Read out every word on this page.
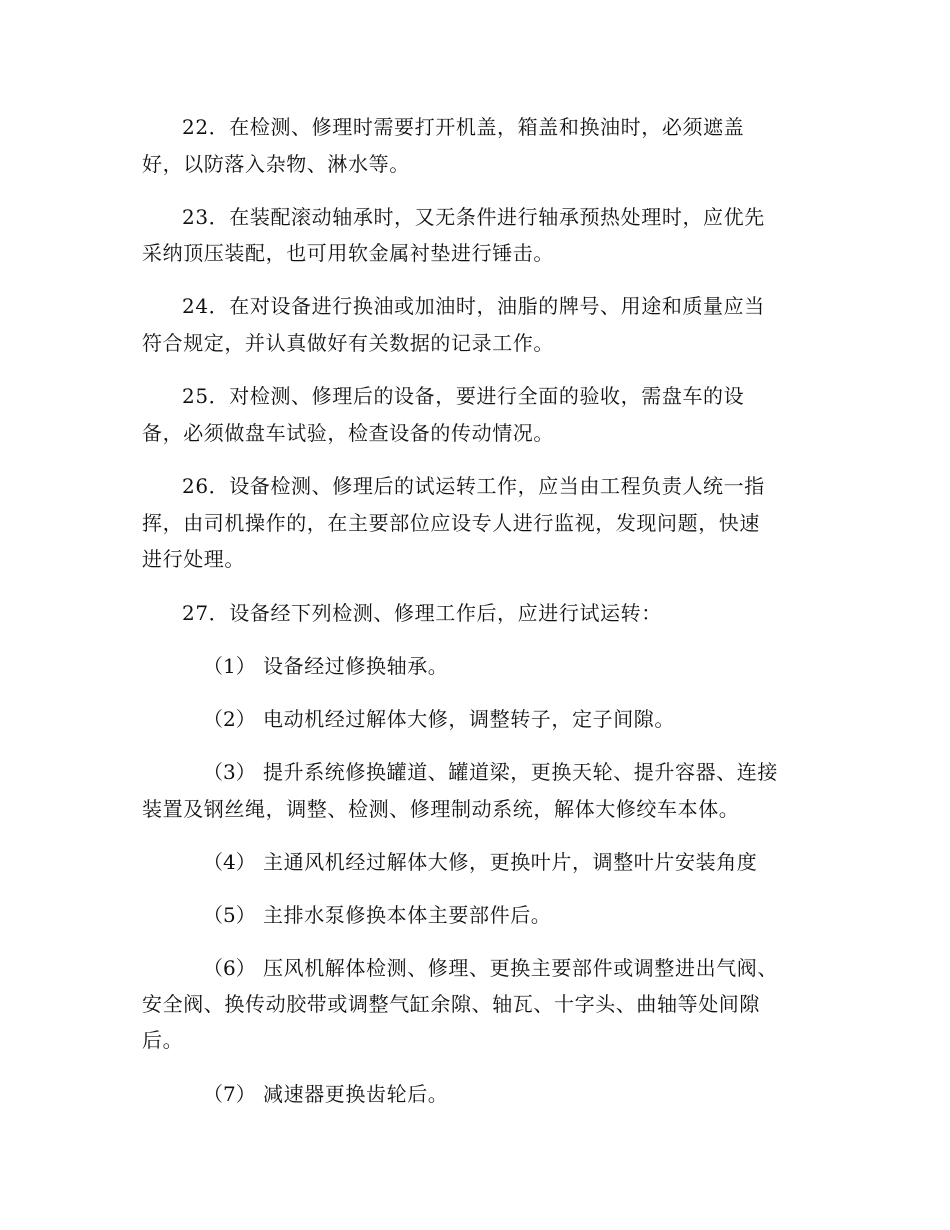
22．在检测、修理时需要打开机盖，箱盖和换油时，必须遮盖
好，以防落入杂物、淋水等。
23．在装配滚动轴承时，又无条件进行轴承预热处理时，应优先
采纳顶压装配，也可用软金属衬垫进行锤击。
24．在对设备进行换油或加油时，油脂的牌号、用途和质量应当
符合规定，并认真做好有关数据的记录工作。
25．对检测、修理后的设备，要进行全面的验收，需盘车的设
备，必须做盘车试验，检查设备的传动情况。
26．设备检测、修理后的试运转工作，应当由工程负责人统一指
挥，由司机操作的，在主要部位应设专人进行监视，发现问题，快速
进行处理。
27．设备经下列检测、修理工作后，应进行试运转：
（1） 设备经过修换轴承。
（2） 电动机经过解体大修，调整转子，定子间隙。
（3） 提升系统修换罐道、罐道梁，更换天轮、提升容器、连接
装置及钢丝绳，调整、检测、修理制动系统，解体大修绞车本体。
（4） 主通风机经过解体大修，更换叶片，调整叶片安装角度
（5） 主排水泵修换本体主要部件后。
（6） 压风机解体检测、修理、更换主要部件或调整进出气阀、
安全阀、换传动胶带或调整气缸余隙、轴瓦、十字头、曲轴等处间隙
后。
（7） 减速器更换齿轮后。
